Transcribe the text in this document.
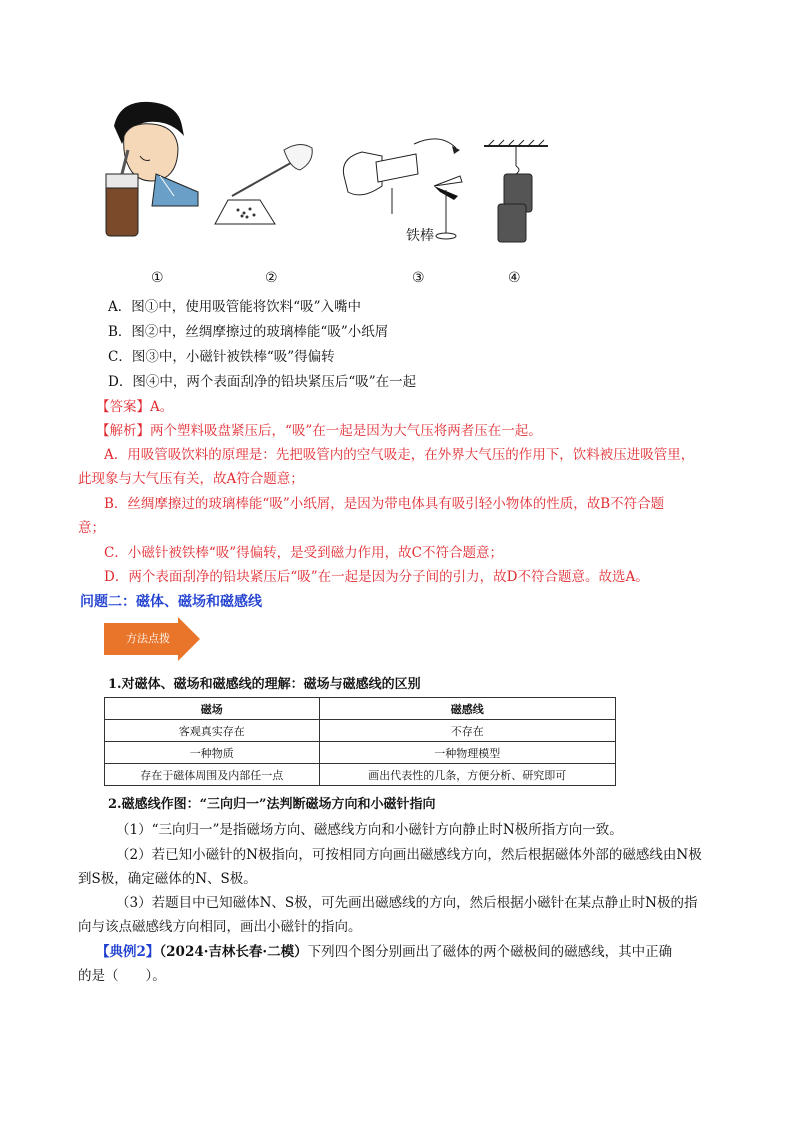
铁棒
①	②	③	④
A．图①中，使用吸管能将饮料“吸”入嘴中
B．图②中，丝绸摩擦过的玻璃棒能“吸”小纸屑
C．图③中，小磁针被铁棒“吸”得偏转
D．图④中，两个表面刮净的铅块紧压后“吸”在一起
【答案】A。
【解析】两个塑料吸盘紧压后，“吸”在一起是因为大气压将两者压在一起。
A．用吸管吸饮料的原理是：先把吸管内的空气吸走，在外界大气压的作用下，饮料被压进吸管里，
此现象与大气压有关，故A符合题意；
B．丝绸摩擦过的玻璃棒能“吸”小纸屑，是因为带电体具有吸引轻小物体的性质，故B不符合题
意；
C．小磁针被铁棒“吸”得偏转，是受到磁力作用，故C不符合题意；
D．两个表面刮净的铅块紧压后“吸”在一起是因为分子间的引力，故D不符合题意。故选A。
问题二：磁体、磁场和磁感线
方法点拨
1.对磁体、磁场和磁感线的理解：磁场与磁感线的区别
磁场	磁感线
客观真实存在	不存在
一种物质	一种物理模型
存在于磁体周围及内部任一点	画出代表性的几条，方便分析、研究即可
2.磁感线作图：“三向归一”法判断磁场方向和小磁针指向
（1）“三向归一”是指磁场方向、磁感线方向和小磁针方向静止时N极所指方向一致。
（2）若已知小磁针的N极指向，可按相同方向画出磁感线方向，然后根据磁体外部的磁感线由N极
到S极，确定磁体的N、S极。
（3）若题目中已知磁体N、S极，可先画出磁感线的方向，然后根据小磁针在某点静止时N极的指
向与该点磁感线方向相同，画出小磁针的指向。
【典例2】（2024·吉林长春·二模）下列四个图分别画出了磁体的两个磁极间的磁感线，其中正确
的是（　　）。
